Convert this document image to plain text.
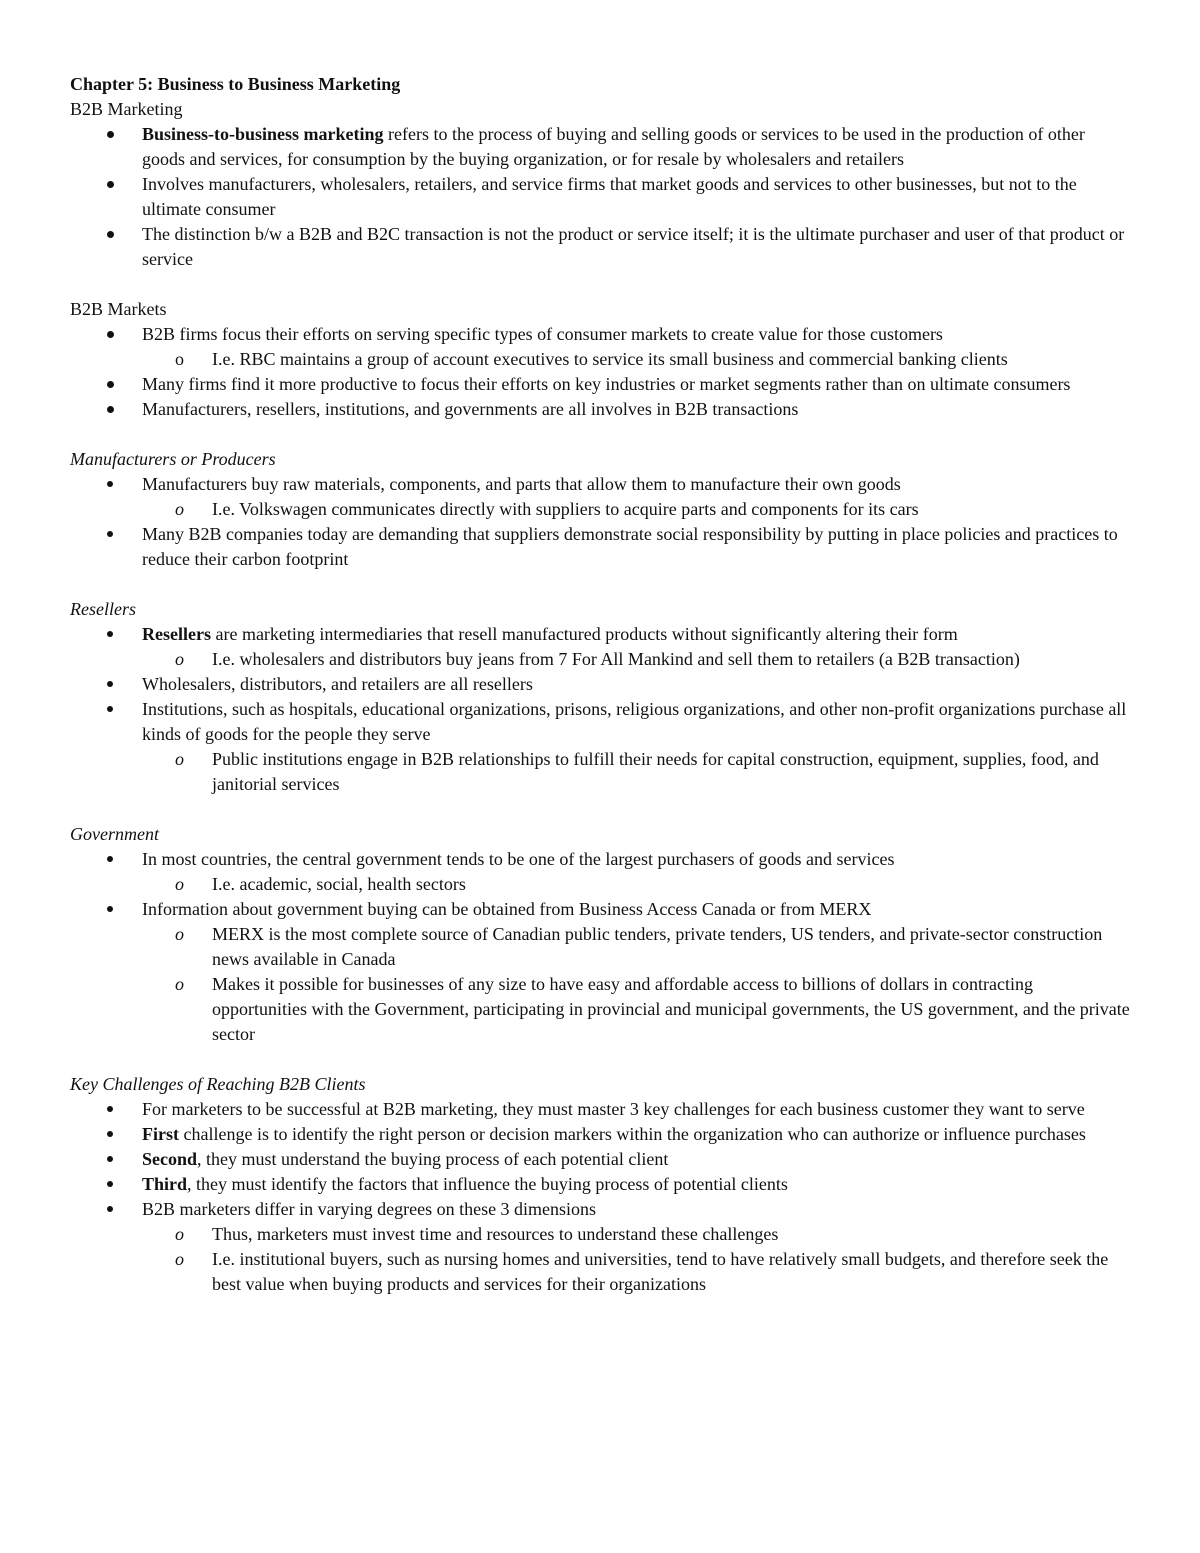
Chapter 5: Business to Business Marketing
B2B Marketing
Business-to-business marketing refers to the process of buying and selling goods or services to be used in the production of other goods and services, for consumption by the buying organization, or for resale by wholesalers and retailers
Involves manufacturers, wholesalers, retailers, and service firms that market goods and services to other businesses, but not to the ultimate consumer
The distinction b/w a B2B and B2C transaction is not the product or service itself; it is the ultimate purchaser and user of that product or service
B2B Markets
B2B firms focus their efforts on serving specific types of consumer markets to create value for those customers
o I.e. RBC maintains a group of account executives to service its small business and commercial banking clients
Many firms find it more productive to focus their efforts on key industries or market segments rather than on ultimate consumers
Manufacturers, resellers, institutions, and governments are all involves in B2B transactions
Manufacturers or Producers
Manufacturers buy raw materials, components, and parts that allow them to manufacture their own goods
o I.e. Volkswagen communicates directly with suppliers to acquire parts and components for its cars
Many B2B companies today are demanding that suppliers demonstrate social responsibility by putting in place policies and practices to reduce their carbon footprint
Resellers
Resellers are marketing intermediaries that resell manufactured products without significantly altering their form
o I.e. wholesalers and distributors buy jeans from 7 For All Mankind and sell them to retailers (a B2B transaction)
Wholesalers, distributors, and retailers are all resellers
Institutions, such as hospitals, educational organizations, prisons, religious organizations, and other non-profit organizations purchase all kinds of goods for the people they serve
o Public institutions engage in B2B relationships to fulfill their needs for capital construction, equipment, supplies, food, and janitorial services
Government
In most countries, the central government tends to be one of the largest purchasers of goods and services
o I.e. academic, social, health sectors
Information about government buying can be obtained from Business Access Canada or from MERX
o MERX is the most complete source of Canadian public tenders, private tenders, US tenders, and private-sector construction news available in Canada
o Makes it possible for businesses of any size to have easy and affordable access to billions of dollars in contracting opportunities with the Government, participating in provincial and municipal governments, the US government, and the private sector
Key Challenges of Reaching B2B Clients
For marketers to be successful at B2B marketing, they must master 3 key challenges for each business customer they want to serve
First challenge is to identify the right person or decision markers within the organization who can authorize or influence purchases
Second, they must understand the buying process of each potential client
Third, they must identify the factors that influence the buying process of potential clients
B2B marketers differ in varying degrees on these 3 dimensions
o Thus, marketers must invest time and resources to understand these challenges
o I.e. institutional buyers, such as nursing homes and universities, tend to have relatively small budgets, and therefore seek the best value when buying products and services for their organizations
